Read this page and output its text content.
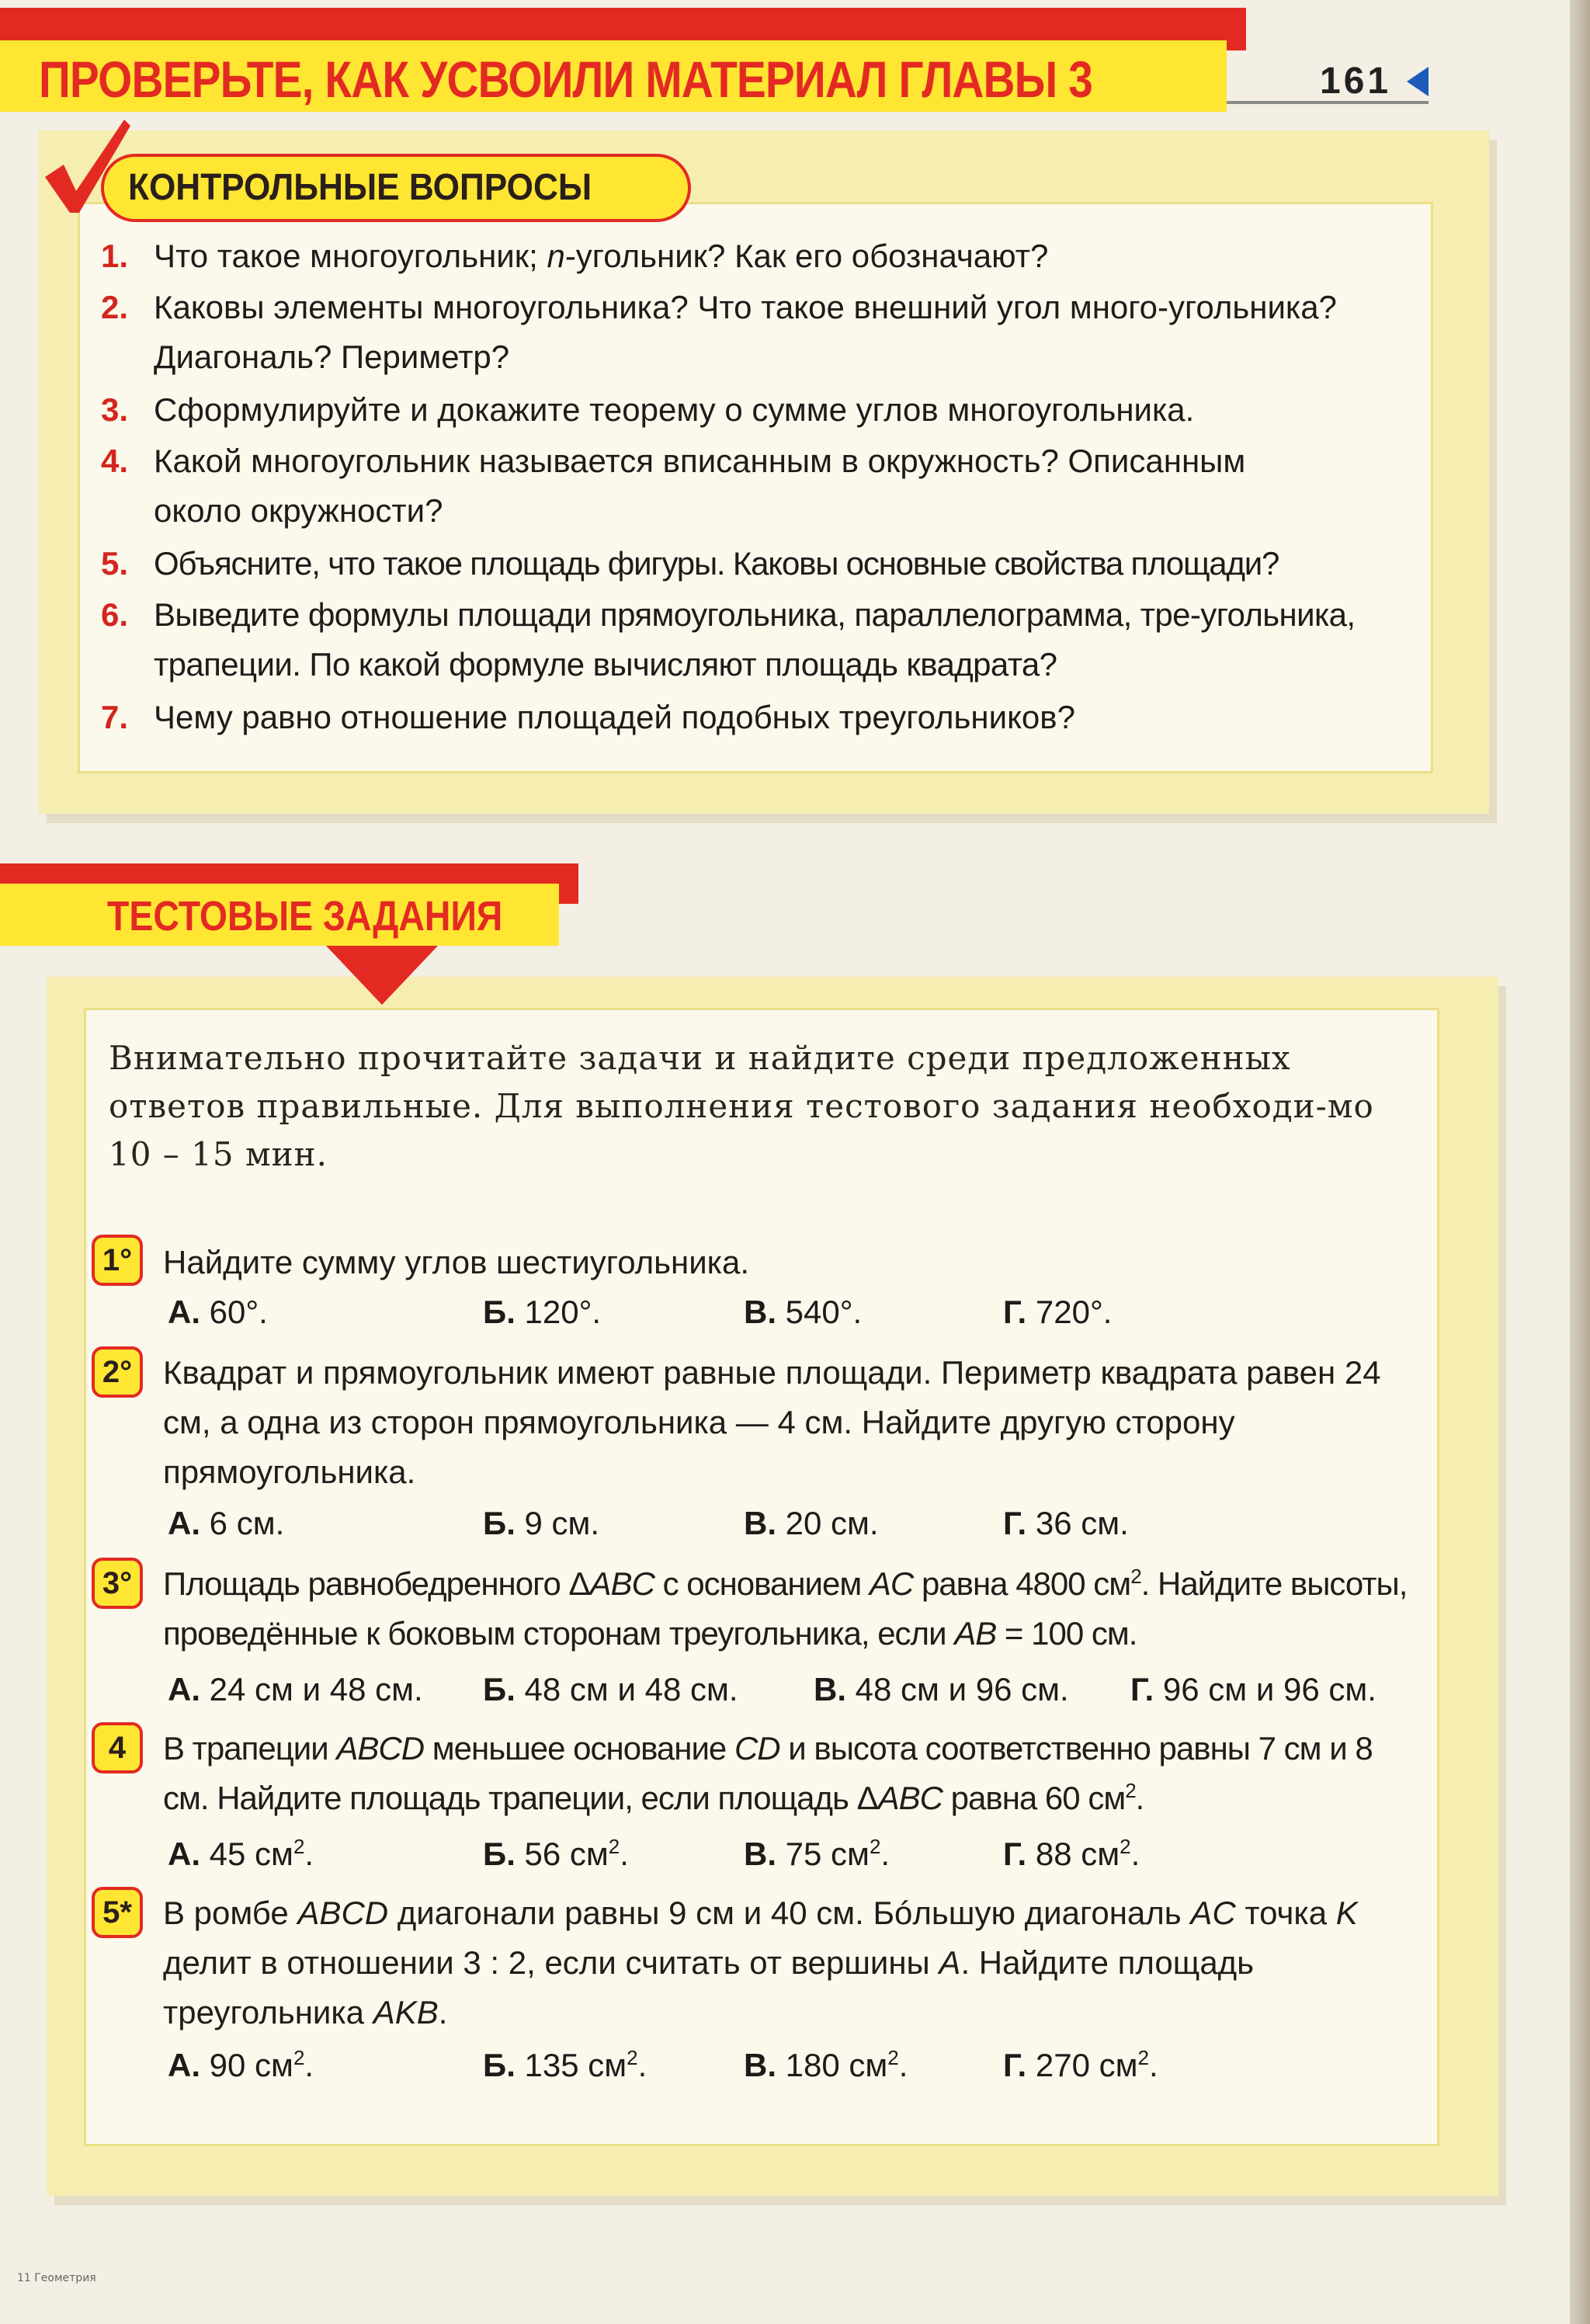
ПРОВЕРЬТЕ, КАК УСВОИЛИ МАТЕРИАЛ ГЛАВЫ 3	161
КОНТРОЛЬНЫЕ ВОПРОСЫ
1. Что такое многоугольник; n-угольник? Как его обозначают?
2. Каковы элементы многоугольника? Что такое внешний угол много-угольника? Диагональ? Периметр?
3. Сформулируйте и докажите теорему о сумме углов многоугольника.
4. Какой многоугольник называется вписанным в окружность? Описанным около окружности?
5. Объясните, что такое площадь фигуры. Каковы основные свойства площади?
6. Выведите формулы площади прямоугольника, параллелограмма, тре-угольника, трапеции. По какой формуле вычисляют площадь квадрата?
7. Чему равно отношение площадей подобных треугольников?
ТЕСТОВЫЕ ЗАДАНИЯ
Внимательно прочитайте задачи и найдите среди предложенных ответов правильные. Для выполнения тестового задания необходи-мо 10 – 15 мин.
1° Найдите сумму углов шестиугольника.
А. 60°.	Б. 120°.	В. 540°.	Г. 720°.
2° Квадрат и прямоугольник имеют равные площади. Периметр квадрата равен 24 см, а одна из сторон прямоугольника — 4 см. Найдите другую сторону прямоугольника.
А. 6 см.	Б. 9 см.	В. 20 см.	Г. 36 см.
3° Площадь равнобедренного ΔABC с основанием AC равна 4800 $см^2$. Найдите высоты, проведённые к боковым сторонам треугольника, если AB = 100 см.
А. 24 см и 48 см. Б. 48 см и 48 см. В. 48 см и 96 см. Г. 96 см и 96 см.
4	В трапеции ABCD меньшее основание CD и высота соответственно равны 7 см и 8 см. Найдите площадь трапеции, если площадь ΔABC равна 60 $см^2$.
А. 45 $см^2$.	Б. 56 $см^2$.	В. 75 $см^2$.	Г. 88 $см^2$.
5* В ромбе ABCD диагонали равны 9 см и 40 см. Бóльшую диагональ AC точка K делит в отношении 3 : 2, если считать от вершины A. Найдите площадь треугольника AKB.
А. 90 $см^2$.	Б. 135 $см^2$.	В. 180 $см^2$.	Г. 270 $см^2$.
11 Геометрия
